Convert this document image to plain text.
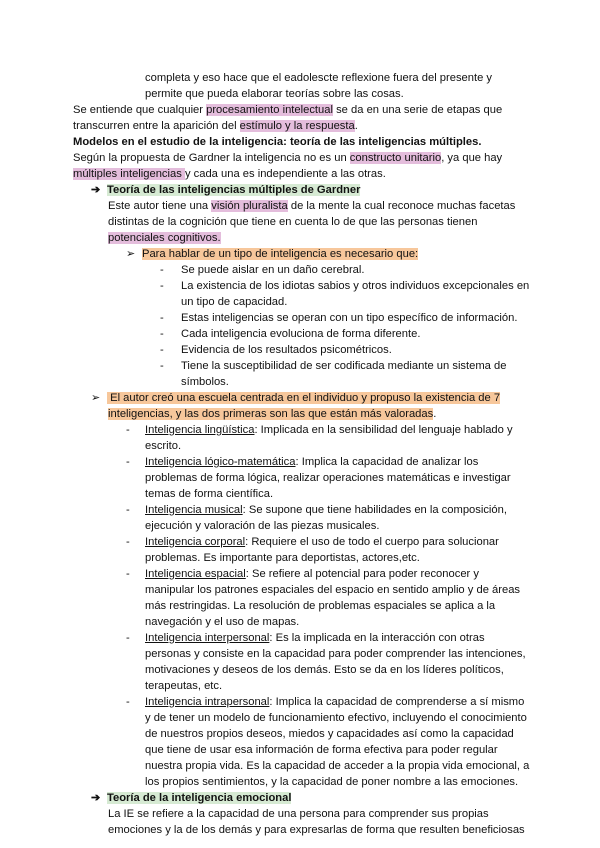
completa y eso hace que el eadolescte reflexione fuera del presente y
permite que pueda elaborar teorías sobre las cosas.
Se entiende que cualquier procesamiento intelectual se da en una serie de etapas que
transcurren entre la aparición del estímulo y la respuesta.
Modelos en el estudio de la inteligencia: teoría de las inteligencias múltiples.
Según la propuesta de Gardner la inteligencia no es un constructo unitario, ya que hay
múltiples inteligencias y cada una es independiente a las otras.
➔ Teoría de las inteligencias múltiples de Gardner
Este autor tiene una visión pluralista de la mente la cual reconoce muchas facetas
distintas de la cognición que tiene en cuenta lo de que las personas tienen
potenciales cognitivos.
➢ Para hablar de un tipo de inteligencia es necesario que:
- Se puede aislar en un daño cerebral.
- La existencia de los idiotas sabios y otros individuos excepcionales en
un tipo de capacidad.
- Estas inteligencias se operan con un tipo específico de información.
- Cada inteligencia evoluciona de forma diferente.
- Evidencia de los resultados psicométricos.
- Tiene la susceptibilidad de ser codificada mediante un sistema de
símbolos.
➢ El autor creó una escuela centrada en el individuo y propuso la existencia de 7
inteligencias, y las dos primeras son las que están más valoradas.
- Inteligencia lingüística: Implicada en la sensibilidad del lenguaje hablado y
escrito.
- Inteligencia lógico-matemática: Implica la capacidad de analizar los
problemas de forma lógica, realizar operaciones matemáticas e investigar
temas de forma científica.
- Inteligencia musical: Se supone que tiene habilidades en la composición,
ejecución y valoración de las piezas musicales.
- Inteligencia corporal: Requiere el uso de todo el cuerpo para solucionar
problemas. Es importante para deportistas, actores,etc.
- Inteligencia espacial: Se refiere al potencial para poder reconocer y
manipular los patrones espaciales del espacio en sentido amplio y de áreas
más restringidas. La resolución de problemas espaciales se aplica a la
navegación y el uso de mapas.
- Inteligencia interpersonal: Es la implicada en la interacción con otras
personas y consiste en la capacidad para poder comprender las intenciones,
motivaciones y deseos de los demás. Esto se da en los líderes políticos,
terapeutas, etc.
- Inteligencia intrapersonal: Implica la capacidad de comprenderse a sí mismo
y de tener un modelo de funcionamiento efectivo, incluyendo el conocimiento
de nuestros propios deseos, miedos y capacidades así como la capacidad
que tiene de usar esa información de forma efectiva para poder regular
nuestra propia vida. Es la capacidad de acceder a la propia vida emocional, a
los propios sentimientos, y la capacidad de poner nombre a las emociones.
➔ Teoría de la inteligencia emocional
La IE se refiere a la capacidad de una persona para comprender sus propias
emociones y la de los demás y para expresarlas de forma que resulten beneficiosas
